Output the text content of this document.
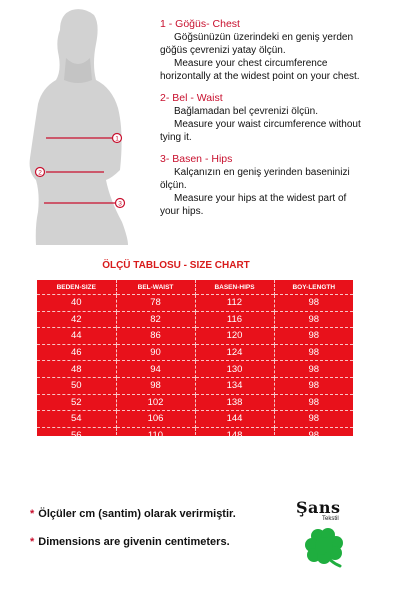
1
2
3
1 - Göğüs- Chest
Göğsünüzün üzerindeki en geniş yerden
göğüs çevrenizi yatay ölçün.
Measure your chest circumference
horizontally at the widest point on your chest.
2- Bel - Waist
Bağlamadan bel çevrenizi ölçün.
Measure your waist circumference without
tying it.
3- Basen - Hips
Kalçanızın en geniş yerinden baseninizi
ölçün.
Measure your hips at the widest part of
your hips.
ÖLÇÜ TABLOSU - SIZE CHART
BEDEN-SIZE	BEL-WAIST	BASEN-HIPS	BOY-LENGTH
40	78	112	98
42	82	116	98
44	86	120	98
46	90	124	98
48	94	130	98
50	98	134	98
52	102	138	98
54	106	144	98
56	110	148	98
* Ölçüler cm (santim) olarak verirmiştir.
* Dimensions are givenin centimeters.
Şans
Tekstil
